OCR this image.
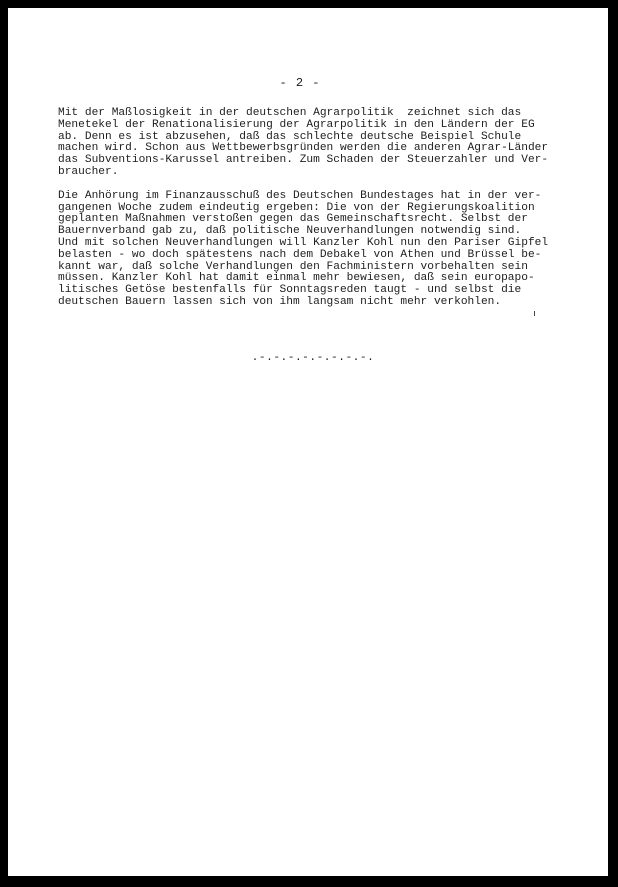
- 2 -
Mit der Maßlosigkeit in der deutschen Agrarpolitik  zeichnet sich das
Menetekel der Renationalisierung der Agrarpolitik in den Ländern der EG
ab. Denn es ist abzusehen, daß das schlechte deutsche Beispiel Schule
machen wird. Schon aus Wettbewerbsgründen werden die anderen Agrar-Länder
das Subventions-Karussel antreiben. Zum Schaden der Steuerzahler und Ver-
braucher.
Die Anhörung im Finanzausschuß des Deutschen Bundestages hat in der ver-
gangenen Woche zudem eindeutig ergeben: Die von der Regierungskoalition
geplanten Maßnahmen verstoßen gegen das Gemeinschaftsrecht. Selbst der
Bauernverband gab zu, daß politische Neuverhandlungen notwendig sind.
Und mit solchen Neuverhandlungen will Kanzler Kohl nun den Pariser Gipfel
belasten - wo doch spätestens nach dem Debakel von Athen und Brüssel be-
kannt war, daß solche Verhandlungen den Fachministern vorbehalten sein
müssen. Kanzler Kohl hat damit einmal mehr bewiesen, daß sein europapo-
litisches Getöse bestenfalls für Sonntagsreden taugt - und selbst die
deutschen Bauern lassen sich von ihm langsam nicht mehr verkohlen.
.-.-.-.-.-.-.-.-.
